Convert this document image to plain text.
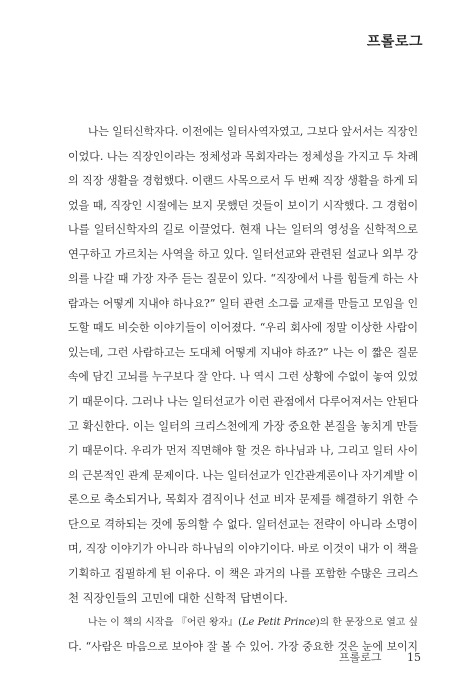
프롤로그
나는 일터신학자다. 이전에는 일터사역자였고, 그보다 앞서서는 직장인
이었다. 나는 직장인이라는 정체성과 목회자라는 정체성을 가지고 두 차례
의 직장 생활을 경험했다. 이랜드 사목으로서 두 번째 직장 생활을 하게 되
었을 때, 직장인 시절에는 보지 못했던 것들이 보이기 시작했다. 그 경험이
나를 일터신학자의 길로 이끌었다. 현재 나는 일터의 영성을 신학적으로
연구하고 가르치는 사역을 하고 있다. 일터선교와 관련된 설교나 외부 강
의를 나갈 때 가장 자주 듣는 질문이 있다. “직장에서 나를 힘들게 하는 사
람과는 어떻게 지내야 하나요?” 일터 관련 소그룹 교재를 만들고 모임을 인
도할 때도 비슷한 이야기들이 이어졌다. “우리 회사에 정말 이상한 사람이
있는데, 그런 사람하고는 도대체 어떻게 지내야 하죠?” 나는 이 짧은 질문
속에 담긴 고뇌를 누구보다 잘 안다. 나 역시 그런 상황에 수없이 놓여 있었
기 때문이다. 그러나 나는 일터선교가 이런 관점에서 다루어져서는 안된다
고 확신한다. 이는 일터의 크리스천에게 가장 중요한 본질을 놓치게 만들
기 때문이다. 우리가 먼저 직면해야 할 것은 하나님과 나, 그리고 일터 사이
의 근본적인 관계 문제이다. 나는 일터선교가 인간관계론이나 자기계발 이
론으로 축소되거나, 목회자 겸직이나 선교 비자 문제를 해결하기 위한 수
단으로 격하되는 것에 동의할 수 없다. 일터선교는 전략이 아니라 소명이
며, 직장 이야기가 아니라 하나님의 이야기이다. 바로 이것이 내가 이 책을
기획하고 집필하게 된 이유다. 이 책은 과거의 나를 포함한 수많은 크리스
천 직장인들의 고민에 대한 신학적 답변이다.
나는 이 책의 시작을 『어린 왕자』(Le Petit Prince)의 한 문장으로 열고 싶
다. “사람은 마음으로 보아야 잘 볼 수 있어. 가장 중요한 것은 눈에 보이지
프롤로그 15
